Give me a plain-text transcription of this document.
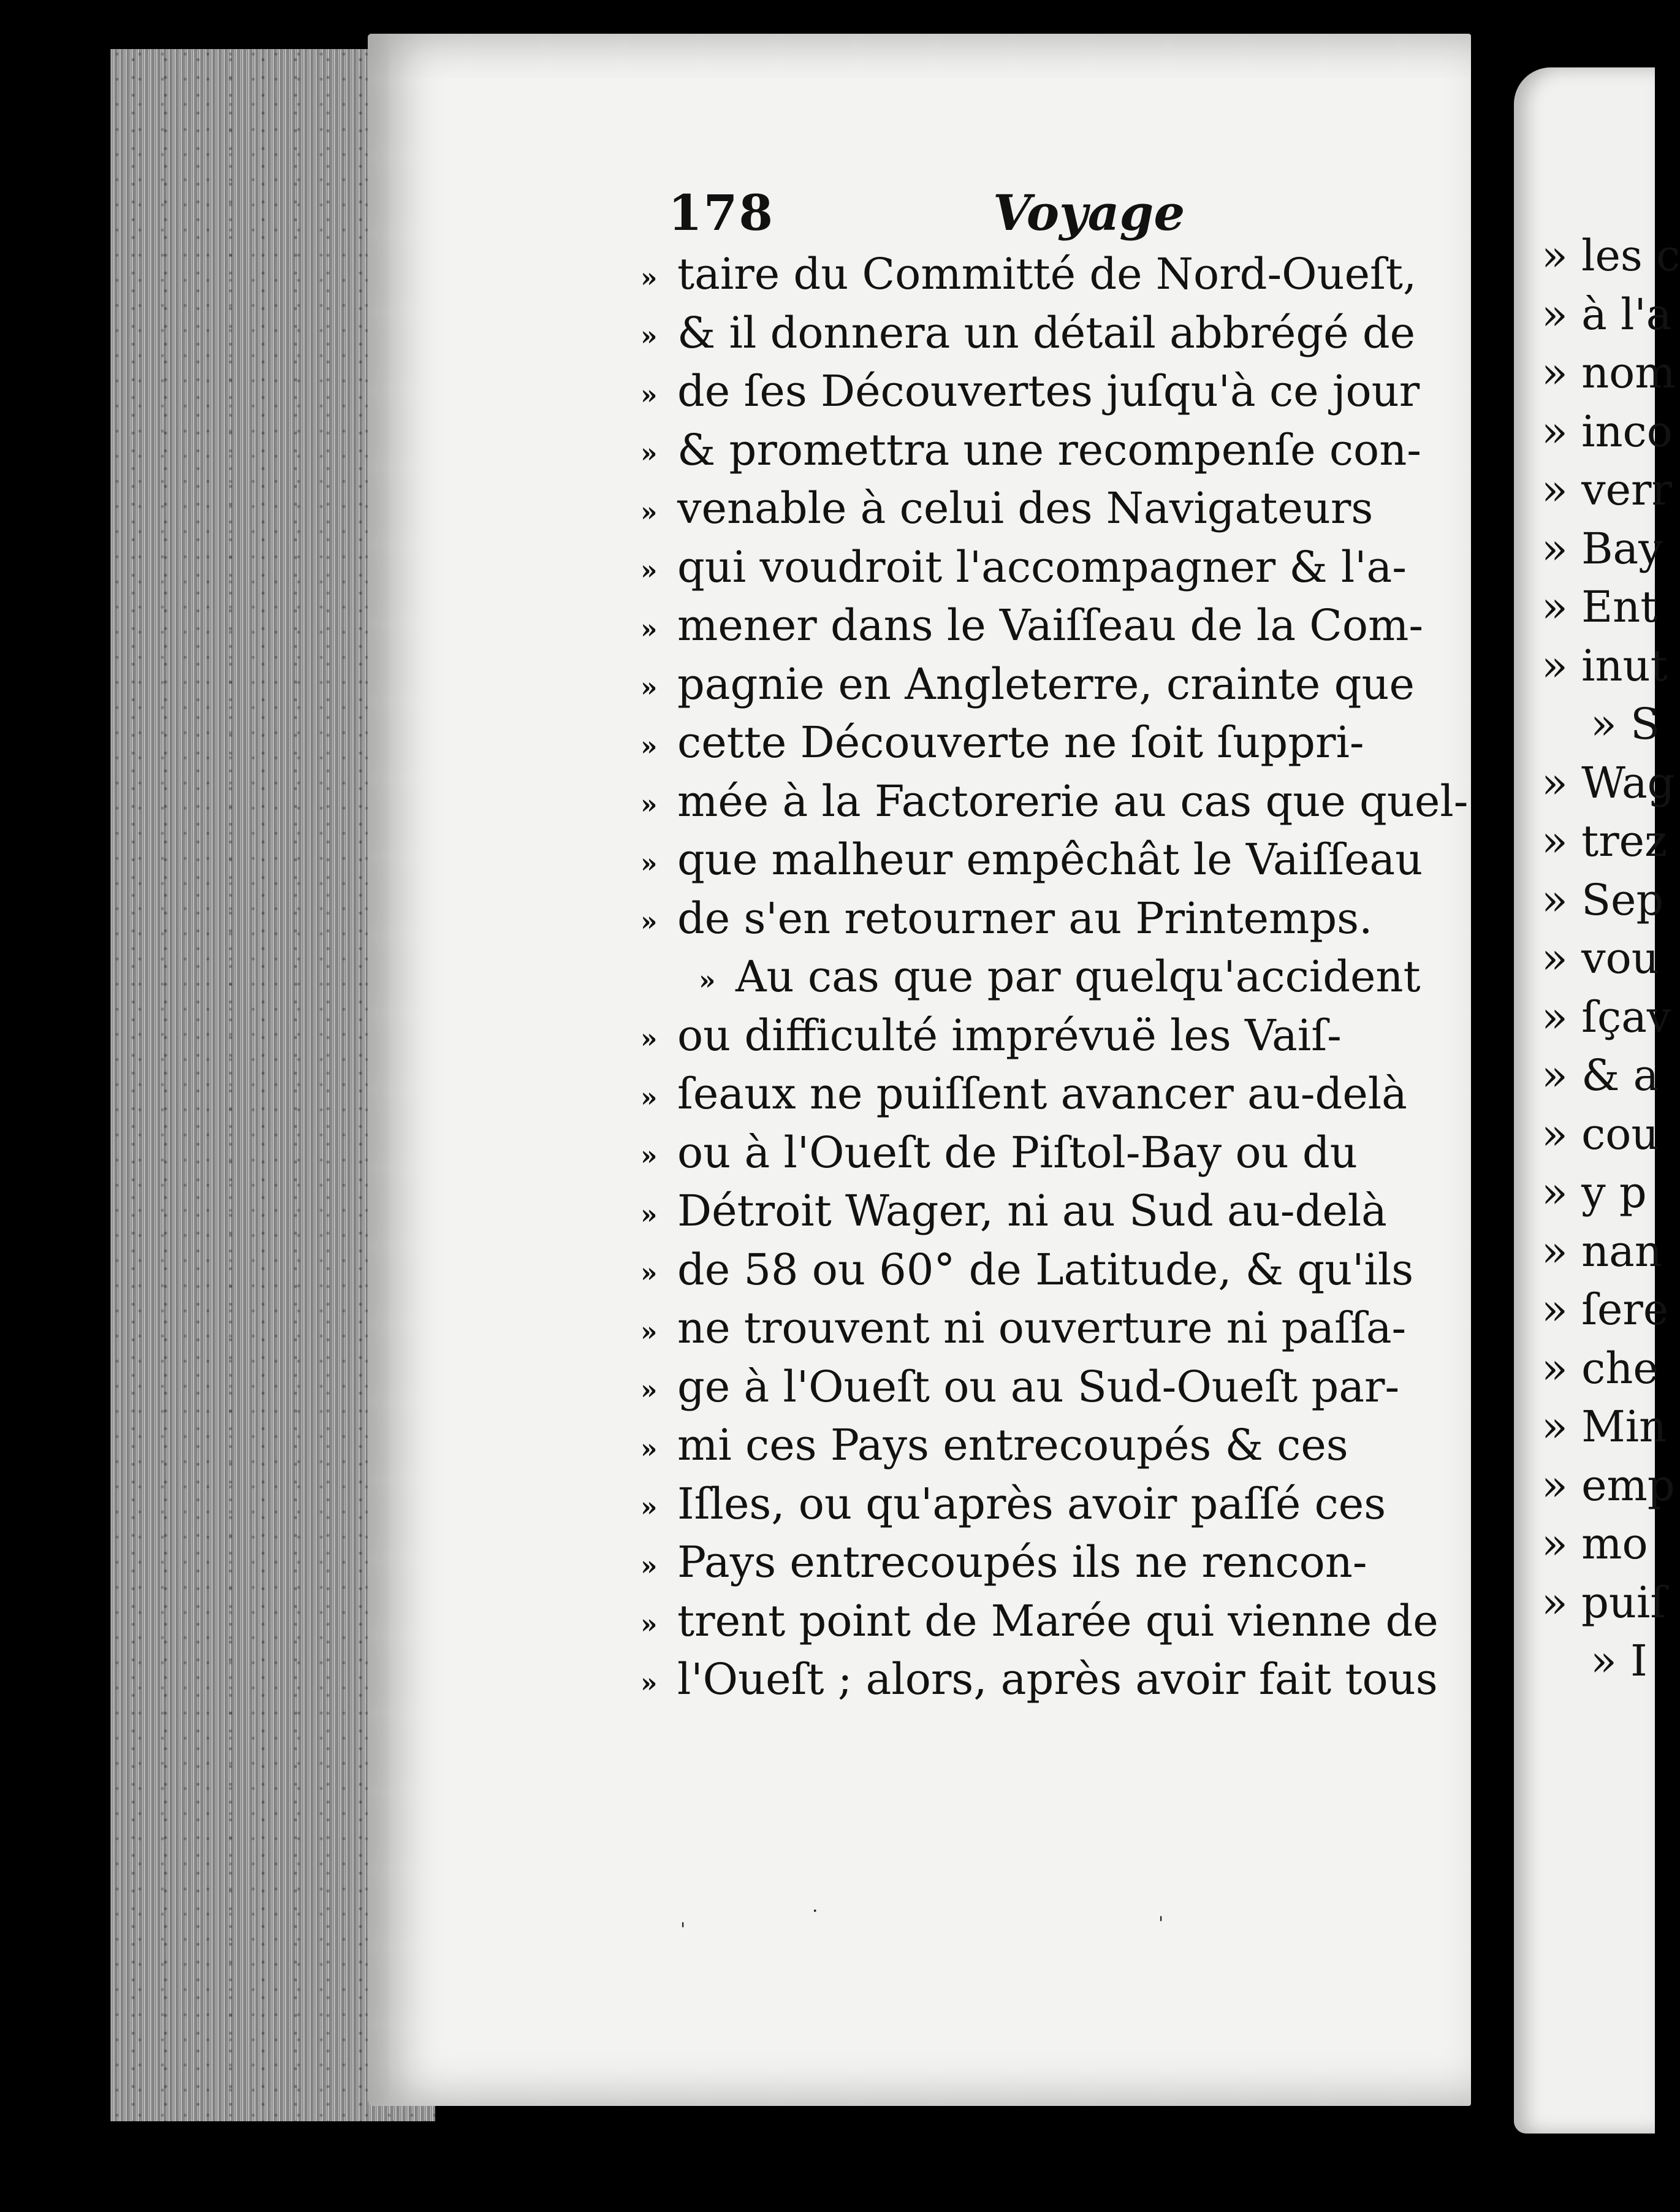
178	Voyage
» taire du Committé de Nord-Oueſt,
» & il donnera un détail abbrégé de
» de ſes Découvertes juſqu'à ce jour
» & promettra une recompenſe con-
» venable à celui des Navigateurs
» qui voudroit l'accompagner & l'a-
» mener dans le Vaiſſeau de la Com-
» pagnie en Angleterre, crainte que
» cette Découverte ne ſoit ſuppri-
» mée à la Factorerie au cas que quel-
» que malheur empêchât le Vaiſſeau
» de s'en retourner au Printemps.
» Au cas que par quelqu'accident
» ou difficulté imprévuë les Vaiſ-
» ſeaux ne puiſſent avancer au-delà
» ou à l'Oueſt de Piſtol-Bay ou du
» Détroit Wager, ni au Sud au-delà
» de 58 ou 60° de Latitude, & qu'ils
» ne trouvent ni ouverture ni paſſa-
» ge à l'Oueſt ou au Sud-Oueſt par-
» mi ces Pays entrecoupés & ces
» Iſles, ou qu'après avoir paſſé ces
» Pays entrecoupés ils ne rencon-
» trent point de Marée qui vienne de
» l'Oueſt ; alors, après avoir fait tous
» les c
» à l'a
» nom
» inco
» verr
» Bay
» Ent
» inut
» S
» Wag
» trez
» Sep
» vou
» ſçav
» & a
» cou
» y p
» nan
» ſere
» che
» Min
» emp
» mo
» puiſ
» I
'
·
'
